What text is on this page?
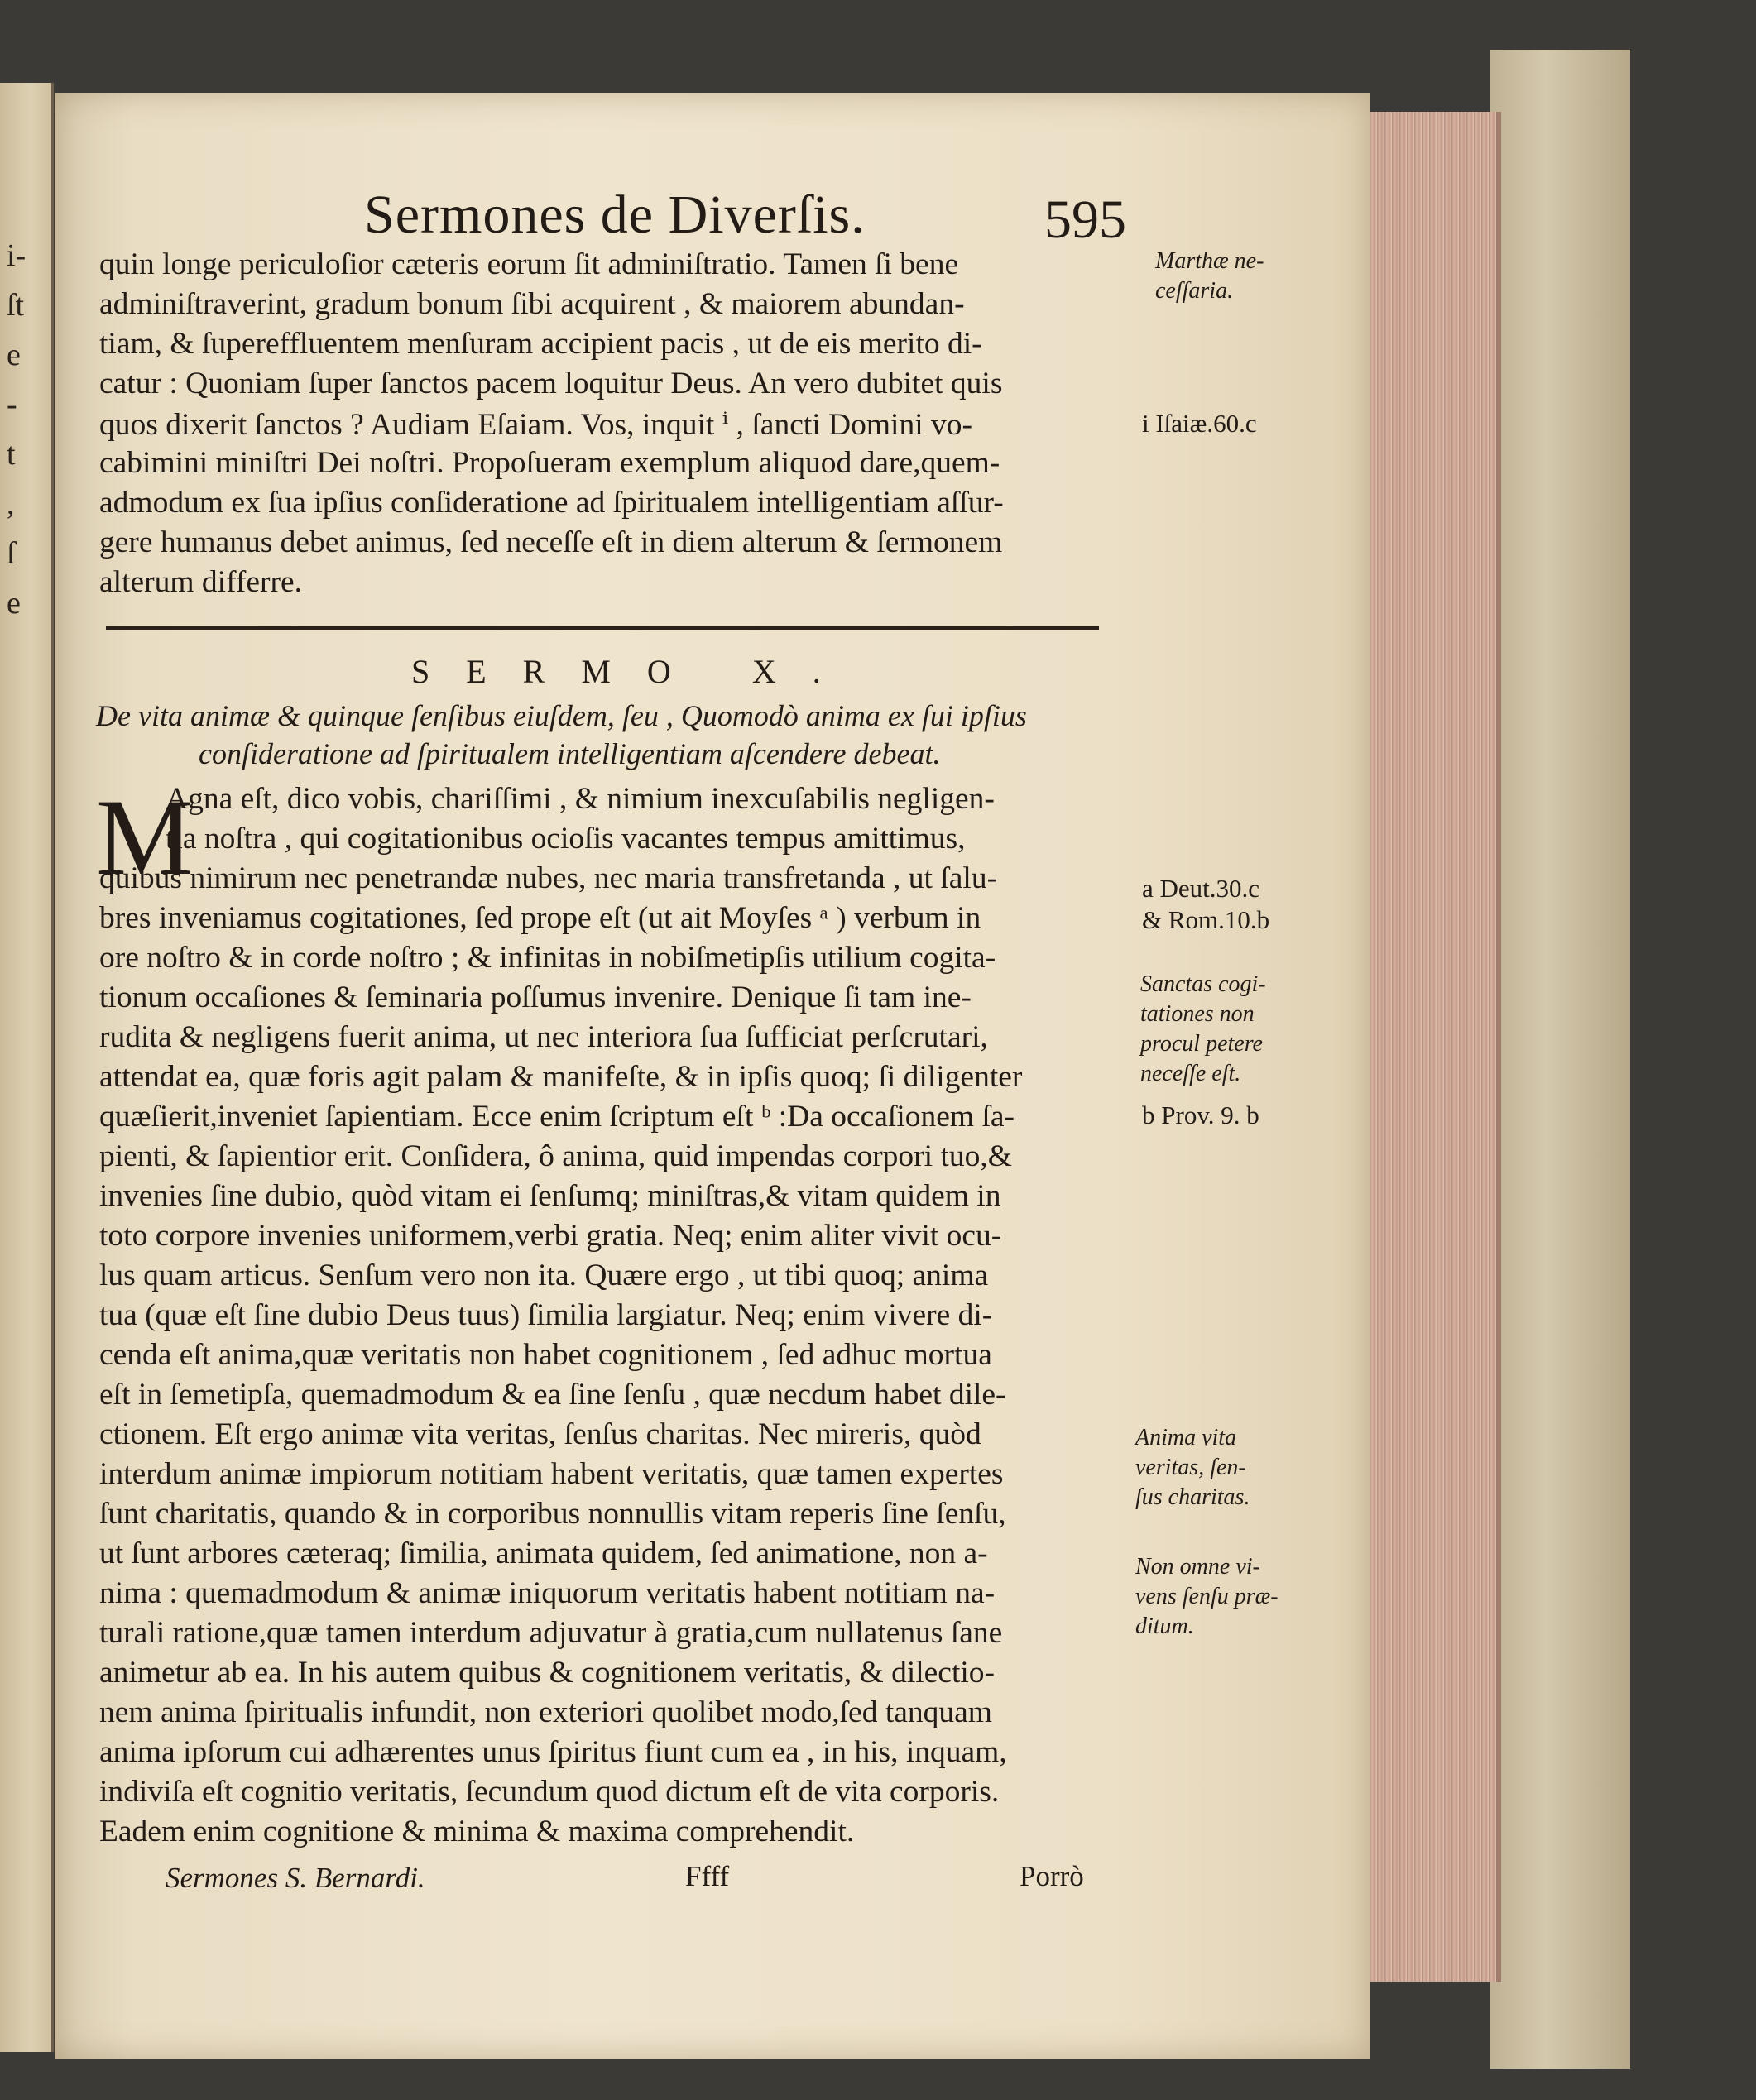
i-
ſt
e
-
t
,
ſ
e
Sermones de Diverſis.	595
quin longe periculoſior cæteris eorum ſit adminiſtratio. Tamen ſi bene
adminiſtraverint, gradum bonum ſibi acquirent , & maiorem abundan-
tiam, & ſupereffluentem menſuram accipient pacis , ut de eis merito di-
catur : Quoniam ſuper ſanctos pacem loquitur Deus. An vero dubitet quis
quos dixerit ſanctos ? Audiam Eſaiam. Vos, inquit ⁱ , ſancti Domini vo-
cabimini miniſtri Dei noſtri. Propoſueram exemplum aliquod dare,quem-
admodum ex ſua ipſius conſideratione ad ſpiritualem intelligentiam aſſur-
gere humanus debet animus, ſed neceſſe eſt in diem alterum & ſermonem
alterum differre.
SERMO X.
De vita animæ & quinque ſenſibus eiuſdem, ſeu , Quomodò anima ex ſui ipſius
conſideratione ad ſpiritualem intelligentiam aſcendere debeat.
M
Agna eſt, dico vobis, chariſſimi , & nimium inexcuſabilis negligen-
tia noſtra , qui cogitationibus ocioſis vacantes tempus amittimus,
quibus nimirum nec penetrandæ nubes, nec maria transfretanda , ut ſalu-
bres inveniamus cogitationes, ſed prope eſt (ut ait Moyſes ᵃ ) verbum in
ore noſtro & in corde noſtro ; & infinitas in nobiſmetipſis utilium cogita-
tionum occaſiones & ſeminaria poſſumus invenire. Denique ſi tam ine-
rudita & negligens fuerit anima, ut nec interiora ſua ſufficiat perſcrutari,
attendat ea, quæ foris agit palam & manifeſte, & in ipſis quoq; ſi diligenter
quæſierit,inveniet ſapientiam. Ecce enim ſcriptum eſt ᵇ :Da occaſionem ſa-
pienti, & ſapientior erit. Conſidera, ô anima, quid impendas corpori tuo,&
invenies ſine dubio, quòd vitam ei ſenſumq; miniſtras,& vitam quidem in
toto corpore invenies uniformem,verbi gratia. Neq; enim aliter vivit ocu-
lus quam articus. Senſum vero non ita. Quære ergo , ut tibi quoq; anima
tua (quæ eſt ſine dubio Deus tuus) ſimilia largiatur. Neq; enim vivere di-
cenda eſt anima,quæ veritatis non habet cognitionem , ſed adhuc mortua
eſt in ſemetipſa, quemadmodum & ea ſine ſenſu , quæ necdum habet dile-
ctionem. Eſt ergo animæ vita veritas, ſenſus charitas. Nec mireris, quòd
interdum animæ impiorum notitiam habent veritatis, quæ tamen expertes
ſunt charitatis, quando & in corporibus nonnullis vitam reperis ſine ſenſu,
ut ſunt arbores cæteraq; ſimilia, animata quidem, ſed animatione, non a-
nima : quemadmodum & animæ iniquorum veritatis habent notitiam na-
turali ratione,quæ tamen interdum adjuvatur à gratia,cum nullatenus ſane
animetur ab ea. In his autem quibus & cognitionem veritatis, & dilectio-
nem anima ſpiritualis infundit, non exteriori quolibet modo,ſed tanquam
anima ipſorum cui adhærentes unus ſpiritus fiunt cum ea , in his, inquam,
indiviſa eſt cognitio veritatis, ſecundum quod dictum eſt de vita corporis.
Eadem enim cognitione & minima & maxima comprehendit.
Marthæ ne-
ceſſaria.
i Iſaiæ.60.c
a Deut.30.c
& Rom.10.b
Sanctas cogi-
tationes non
procul petere
neceſſe eſt.
b Prov. 9. b
Anima vita
veritas, ſen-
ſus charitas.
Non omne vi-
vens ſenſu præ-
ditum.
Sermones S. Bernardi.	Ffff	Porrò
